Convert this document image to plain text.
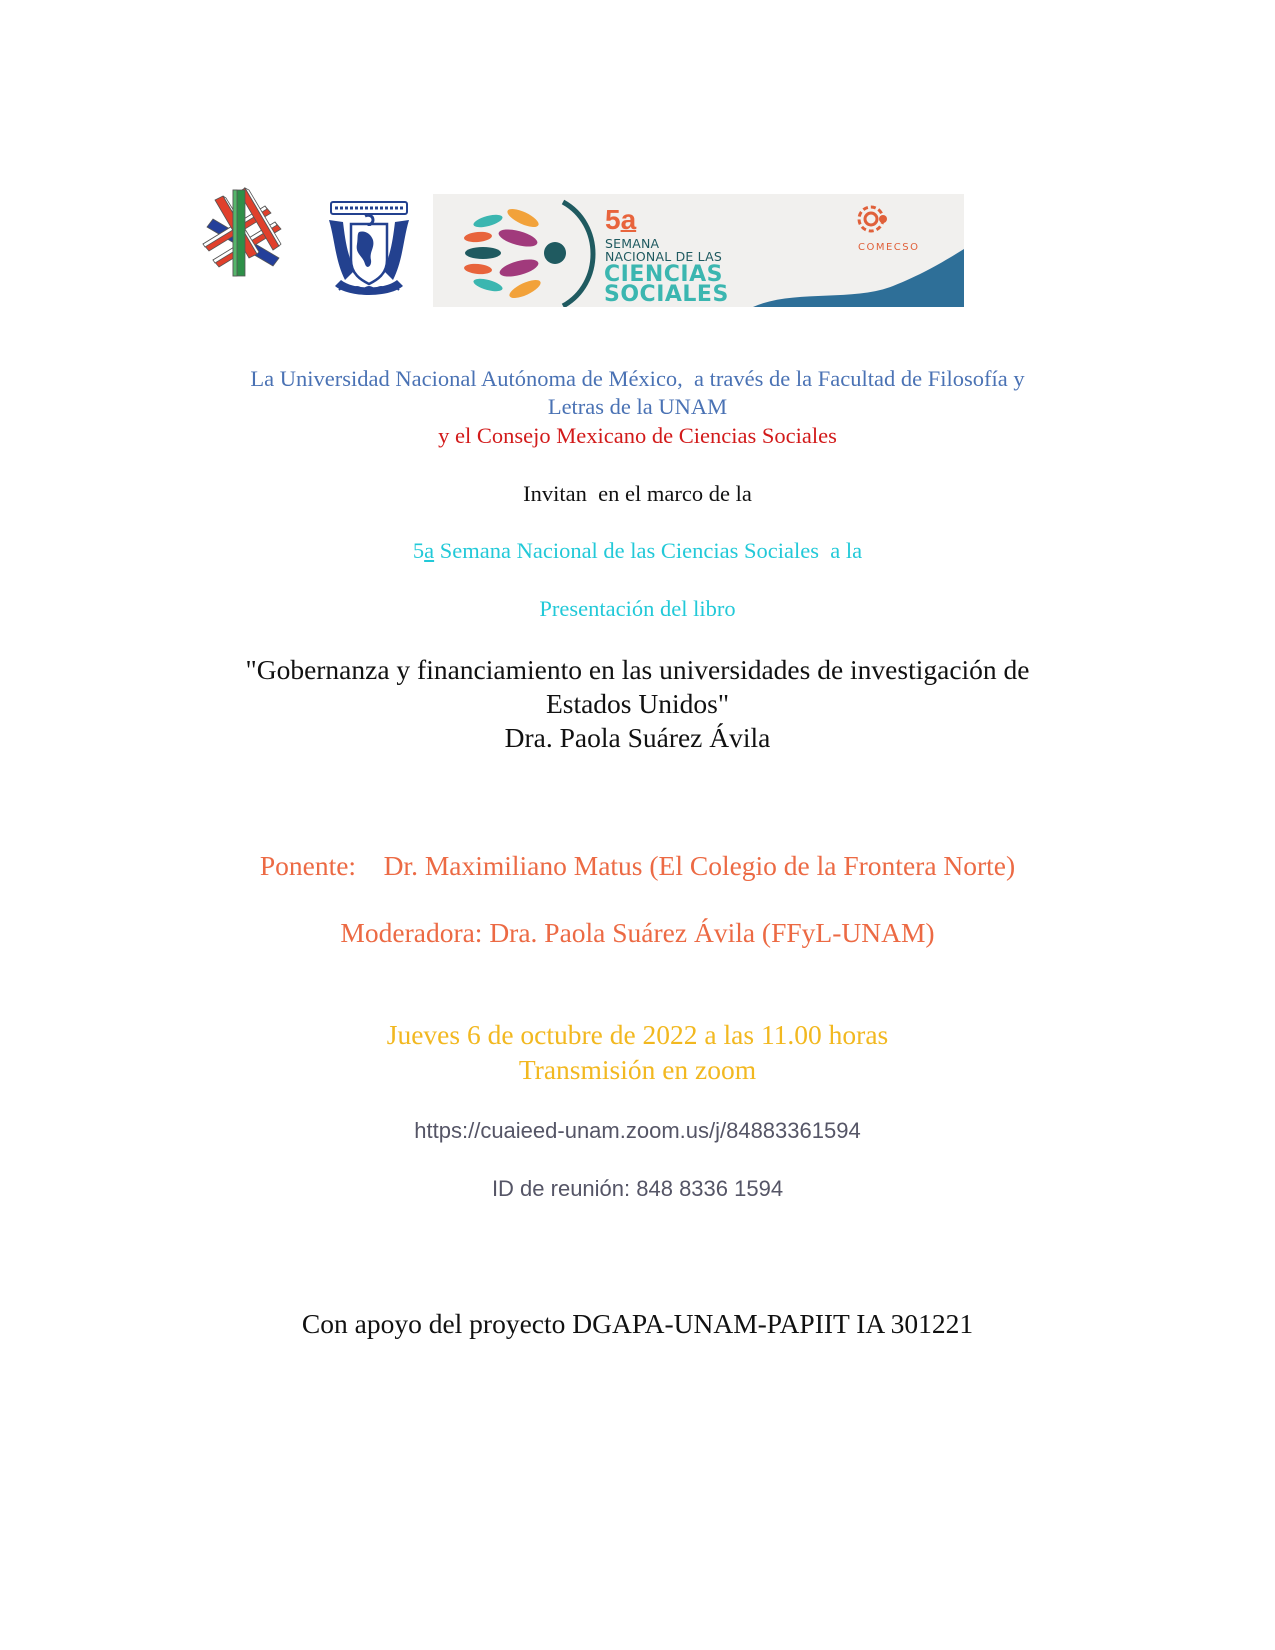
5a
SEMANA
NACIONAL DE LAS
CIENCIAS
SOCIALES
COMECSO
La Universidad Nacional Autónoma de México,  a través de la Facultad de Filosofía y
Letras de la UNAM
y el Consejo Mexicano de Ciencias Sociales
Invitan  en el marco de la
5a Semana Nacional de las Ciencias Sociales  a la
Presentación del libro
"Gobernanza y financiamiento en las universidades de investigación de
Estados Unidos"
Dra. Paola Suárez Ávila
Ponente:    Dr. Maximiliano Matus (El Colegio de la Frontera Norte)
Moderadora: Dra. Paola Suárez Ávila (FFyL-UNAM)
Jueves 6 de octubre de 2022 a las 11.00 horas
Transmisión en zoom
https://cuaieed-unam.zoom.us/j/84883361594
ID de reunión: 848 8336 1594
Con apoyo del proyecto DGAPA-UNAM-PAPIIT IA 301221
